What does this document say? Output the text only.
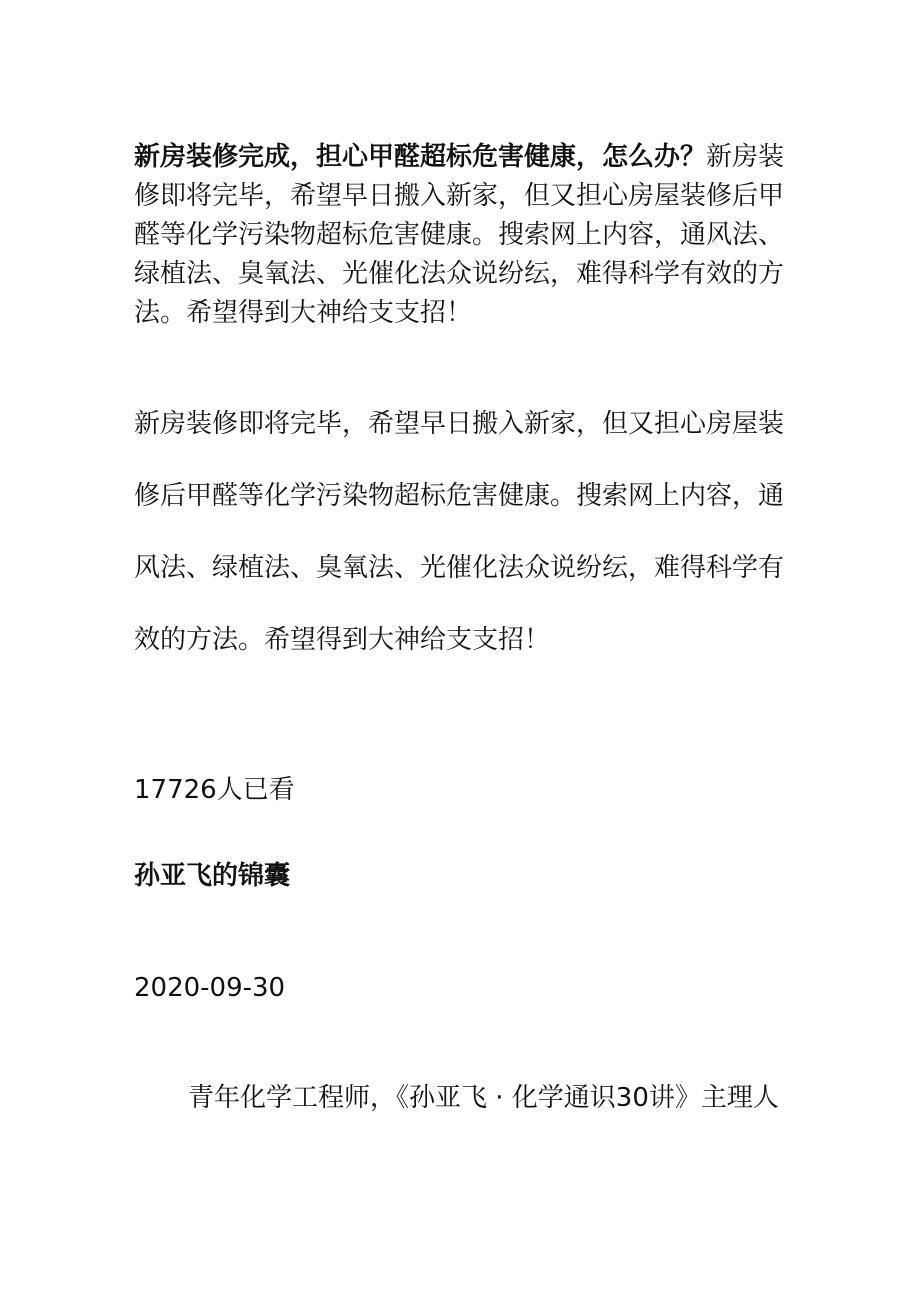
新房装修完成，担心甲醛超标危害健康，怎么办？新房装修即将完毕，希望早日搬入新家，但又担心房屋装修后甲醛等化学污染物超标危害健康。搜索网上内容，通风法、绿植法、臭氧法、光催化法众说纷纭，难得科学有效的方法。希望得到大神给支支招！

新房装修即将完毕，希望早日搬入新家，但又担心房屋装修后甲醛等化学污染物超标危害健康。搜索网上内容，通风法、绿植法、臭氧法、光催化法众说纷纭，难得科学有效的方法。希望得到大神给支支招！

17726人已看
孙亚飞的锦囊
2020-09-30

青年化学工程师，《孙亚飞 · 化学通识30讲》主理人
